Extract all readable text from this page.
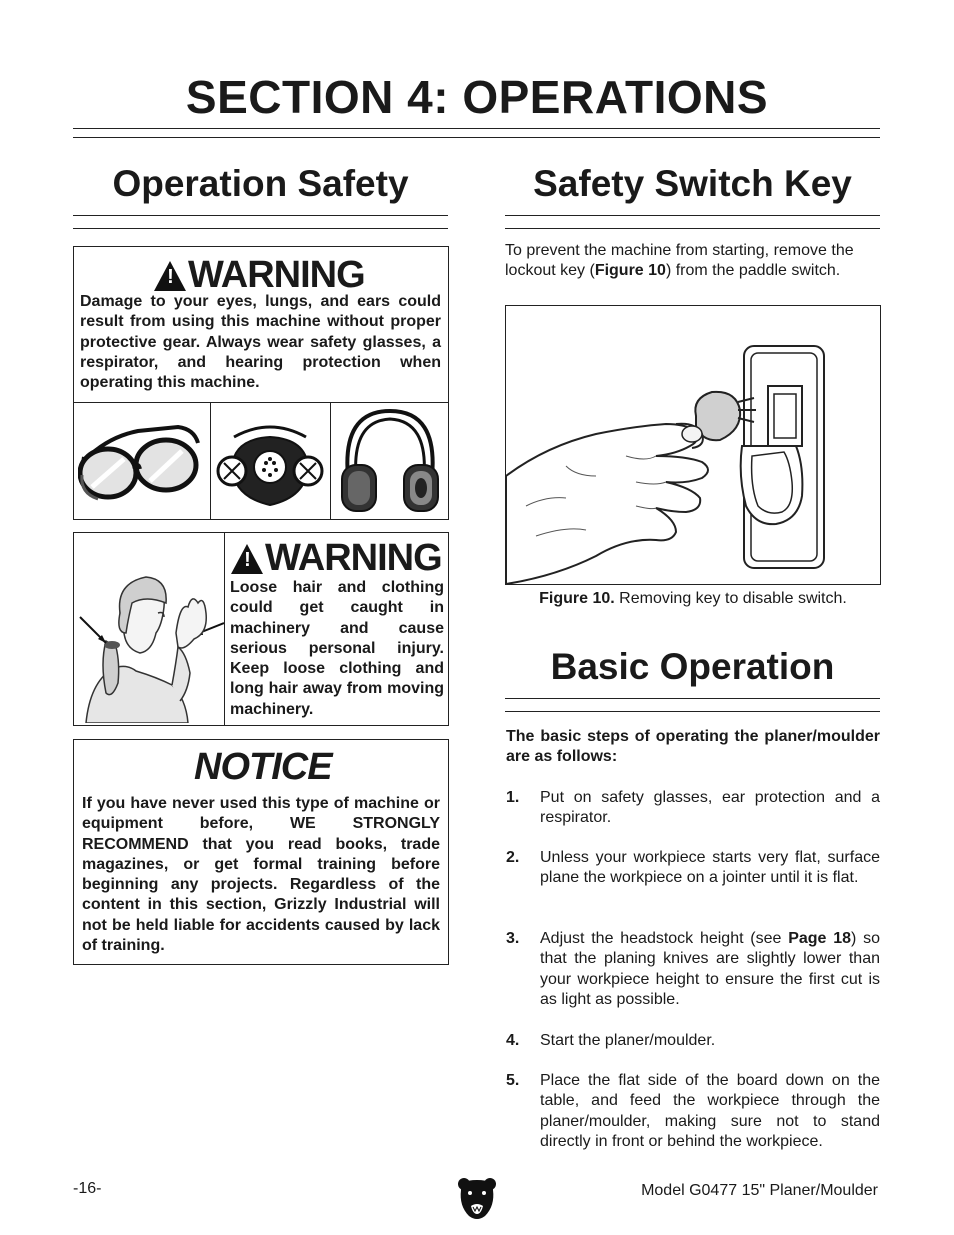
SECTION 4: OPERATIONS
Operation Safety
! WARNING
Damage to your eyes, lungs, and ears could result from using this machine without proper protective gear. Always wear safety glasses, a respirator, and hearing protection when operating this machine.
! WARNING
Loose hair and clothing could get caught in machinery and cause serious personal injury. Keep loose clothing and long hair away from moving machinery.
NOTICE
If you have never used this type of machine or equipment before, WE STRONGLY RECOMMEND that you read books, trade magazines, or get formal training before beginning any projects. Regardless of the content in this section, Grizzly Industrial will not be held liable for accidents caused by lack of training.
Safety Switch Key
To prevent the machine from starting, remove the lockout key (Figure 10) from the paddle switch.
Figure 10. Removing key to disable switch.
Basic Operation
The basic steps of operating the planer/moulder are as follows:
1. Put on safety glasses, ear protection and a respirator.
2. Unless your workpiece starts very flat, surface plane the workpiece on a jointer until it is flat.
3. Adjust the headstock height (see Page 18) so that the planing knives are slightly lower than your workpiece height to ensure the first cut is as light as possible.
4. Start the planer/moulder.
5. Place the flat side of the board down on the table, and feed the workpiece through the planer/moulder, making sure not to stand directly in front or behind the workpiece.
-16-	Model G0477 15" Planer/Moulder
